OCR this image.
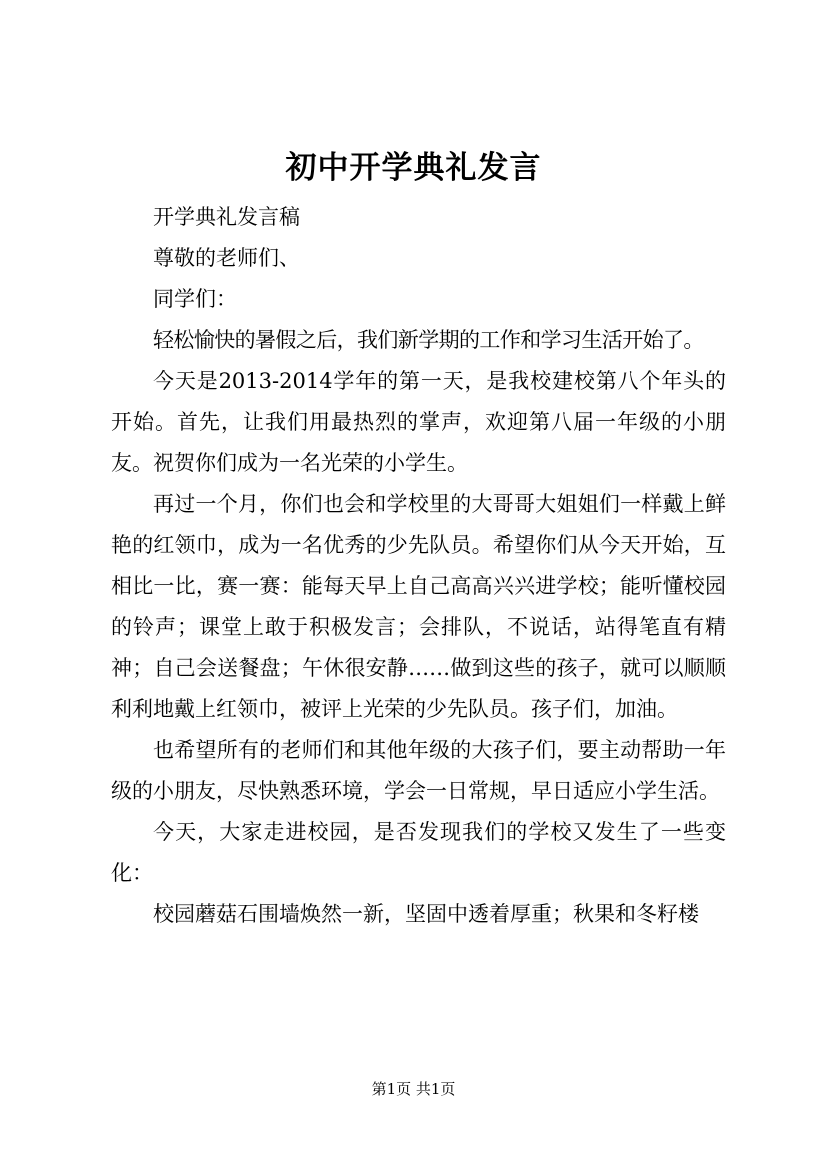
初中开学典礼发言

开学典礼发言稿

尊敬的老师们、

同学们：

轻松愉快的暑假之后，我们新学期的工作和学习生活开始了。

今天是2013-2014学年的第一天，是我校建校第八个年头的开始。首先，让我们用最热烈的掌声，欢迎第八届一年级的小朋友。祝贺你们成为一名光荣的小学生。

再过一个月，你们也会和学校里的大哥哥大姐姐们一样戴上鲜艳的红领巾，成为一名优秀的少先队员。希望你们从今天开始，互相比一比，赛一赛：能每天早上自己高高兴兴进学校；能听懂校园的铃声；课堂上敢于积极发言；会排队，不说话，站得笔直有精神；自己会送餐盘；午休很安静……做到这些的孩子，就可以顺顺利利地戴上红领巾，被评上光荣的少先队员。孩子们，加油。

也希望所有的老师们和其他年级的大孩子们，要主动帮助一年级的小朋友，尽快熟悉环境，学会一日常规，早日适应小学生活。

今天，大家走进校园，是否发现我们的学校又发生了一些变化：

校园蘑菇石围墙焕然一新，坚固中透着厚重；秋果和冬籽楼

第1页 共1页
